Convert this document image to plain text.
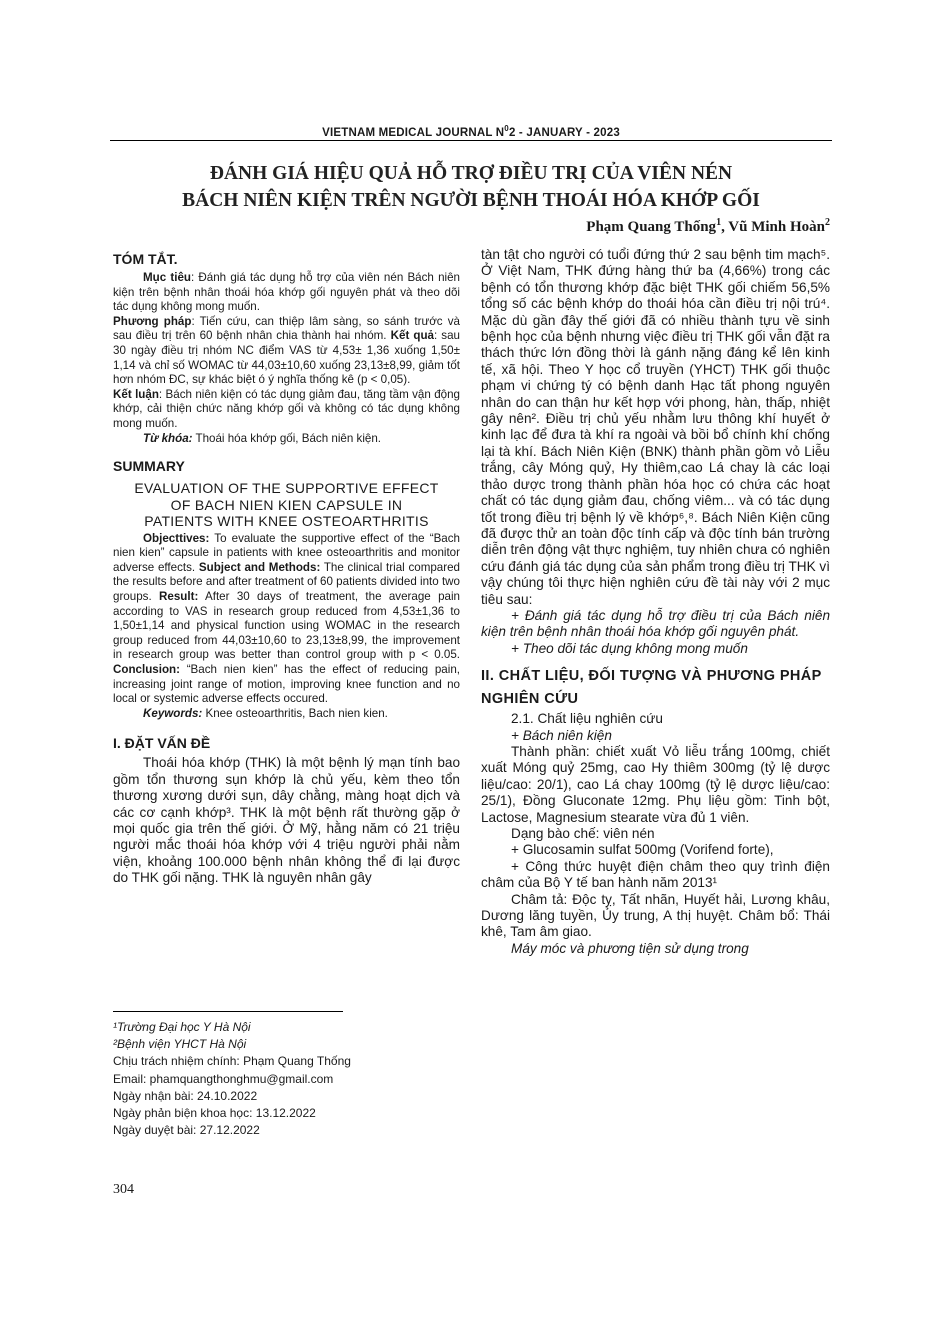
VIETNAM MEDICAL JOURNAL $N^02$ - JANUARY - 2023
ĐÁNH GIÁ HIỆU QUẢ HỖ TRỢ ĐIỀU TRỊ CỦA VIÊN NÉN
BÁCH NIÊN KIỆN TRÊN NGƯỜI BỆNH THOÁI HÓA KHỚP GỐI
Phạm Quang Thống$^1$, Vũ Minh Hoàn$^2$
TÓM TẮT.

Mục tiêu: Đánh giá tác dụng hỗ trợ của viên nén Bách niên kiện trên bệnh nhân thoái hóa khớp gối nguyên phát và theo dõi tác dụng không mong muốn.

Phương pháp: Tiến cứu, can thiệp lâm sàng, so sánh trước và sau điều trị trên 60 bệnh nhân chia thành hai nhóm. Kết quả: sau 30 ngày điều trị nhóm NC điểm VAS từ 4,53± 1,36 xuống 1,50± 1,14 và chỉ số WOMAC từ 44,03±10,60 xuống 23,13±8,99, giảm tốt hơn nhóm ĐC, sự khác biệt ó ý nghĩa thống kê (p < 0,05).

Kết luận: Bách niên kiện có tác dụng giảm đau, tăng tầm vận động khớp, cải thiện chức năng khớp gối và không có tác dụng không mong muốn.

Từ khóa: Thoái hóa khớp gối, Bách niên kiện.

SUMMARY
EVALUATION OF THE SUPPORTIVE EFFECT
OF BACH NIEN KIEN CAPSULE IN
PATIENTS WITH KNEE OSTEOARTHRITIS

Objecttives: To evaluate the supportive effect of the “Bach nien kien” capsule in patients with knee osteoarthritis and monitor adverse effects. Subject and Methods: The clinical trial compared the results before and after treatment of 60 patients divided into two groups. Result: After 30 days of treatment, the average pain according to VAS in research group reduced from 4,53±1,36 to 1,50±1,14 and physical function using WOMAC in the research group reduced from 44,03±10,60 to 23,13±8,99, the improvement in research group was better than control group with p < 0.05. Conclusion: “Bach nien kien” has the effect of reducing pain, increasing joint range of motion, improving knee function and no local or systemic adverse effects occured.

Keywords: Knee osteoarthritis, Bach nien kien.

I. ĐẶT VẤN ĐỀ

Thoái hóa khớp (THK) là một bệnh lý mạn tính bao gồm tổn thương sụn khớp là chủ yếu, kèm theo tổn thương xương dưới sụn, dây chằng, màng hoạt dịch và các cơ cạnh khớp³. THK là một bệnh rất thường gặp ở mọi quốc gia trên thế giới. Ở Mỹ, hằng năm có 21 triệu người mắc thoái hóa khớp với 4 triệu người phải nằm viện, khoảng 100.000 bệnh nhân không thể đi lại được do THK gối nặng. THK là nguyên nhân gây

¹Trường Đại học Y Hà Nội
²Bệnh viện YHCT Hà Nội
Chịu trách nhiệm chính: Phạm Quang Thống
Email: phamquangthonghmu@gmail.com
Ngày nhận bài: 24.10.2022
Ngày phản biện khoa học: 13.12.2022
Ngày duyệt bài: 27.12.2022
304

tàn tật cho người có tuổi đứng thứ 2 sau bệnh tim mạch⁵. Ở Việt Nam, THK đứng hàng thứ ba (4,66%) trong các bệnh có tổn thương khớp đặc biệt THK gối chiếm 56,5% tổng số các bệnh khớp do thoái hóa cần điều trị nội trú⁴. Mặc dù gần đây thế giới đã có nhiều thành tựu về sinh bệnh học của bệnh nhưng việc điều trị THK gối vẫn đặt ra thách thức lớn đồng thời là gánh nặng đáng kể lên kinh tế, xã hội. Theo Y học cổ truyền (YHCT) THK gối thuộc phạm vi chứng tý có bệnh danh Hạc tất phong nguyên nhân do can thận hư kết hợp với phong, hàn, thấp, nhiệt gây nên². Điều trị chủ yếu nhằm lưu thông khí huyết ở kinh lạc để đưa tà khí ra ngoài và bồi bổ chính khí chống lại tà khí. Bách Niên Kiện (BNK) thành phần gồm vỏ Liễu trắng, cây Móng quỷ, Hy thiêm,cao Lá chay là các loại thảo dược trong thành phần hóa học có chứa các hoạt chất có tác dụng giảm đau, chống viêm... và có tác dụng tốt trong điều trị bệnh lý về khớp⁶,⁸. Bách Niên Kiện cũng đã được thử an toàn độc tính cấp và độc tính bán trường diễn trên động vật thực nghiệm, tuy nhiên chưa có nghiên cứu đánh giá tác dụng của sản phẩm trong điều trị THK vì vậy chúng tôi thực hiện nghiên cứu đề tài này với 2 mục tiêu sau:

+ Đánh giá tác dụng hỗ trợ điều trị của Bách niên kiện trên bệnh nhân thoái hóa khớp gối nguyên phát.

+ Theo dõi tác dụng không mong muốn

II. CHẤT LIỆU, ĐỐI TƯỢNG VÀ PHƯƠNG PHÁP NGHIÊN CỨU

2.1. Chất liệu nghiên cứu

+ Bách niên kiện

Thành phần: chiết xuất Vỏ liễu trắng 100mg, chiết xuất Móng quỷ 25mg, cao Hy thiêm 300mg (tỷ lệ dược liệu/cao: 20/1), cao Lá chay 100mg (tỷ lệ dược liệu/cao: 25/1), Đồng Gluconate 12mg. Phụ liệu gồm: Tinh bột, Lactose, Magnesium stearate vừa đủ 1 viên.

Dạng bào chế: viên nén

+ Glucosamin sulfat 500mg (Vorifend forte),

+ Công thức huyệt điện châm theo quy trình điện châm của Bộ Y tế ban hành năm 2013¹

Châm tả: Độc tỵ, Tất nhãn, Huyết hải, Lương khâu, Dương lăng tuyền, Ủy trung, A thị huyệt. Châm bổ: Thái khê, Tam âm giao.

Máy móc và phương tiện sử dụng trong
